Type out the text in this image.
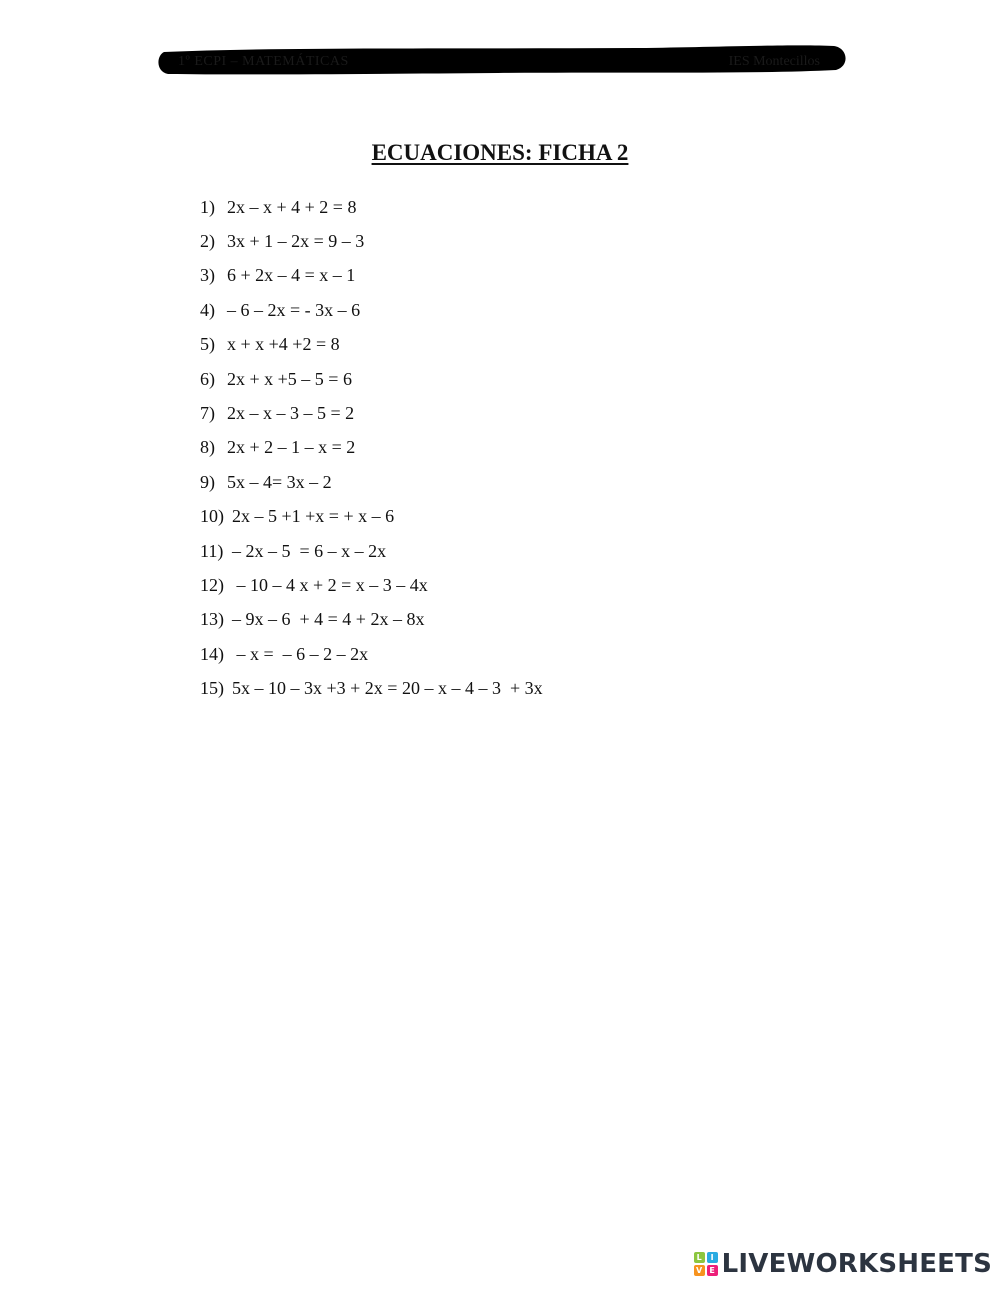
1º ECPI – MATEMÁTICAS	IES Montecillos
ECUACIONES: FICHA 2
1) 2x – x + 4 + 2 = 8
2) 3x + 1 – 2x = 9 – 3
3) 6 + 2x – 4 = x – 1
4) – 6 – 2x = - 3x – 6
5) x + x +4 +2 = 8
6) 2x + x +5 – 5 = 6
7) 2x – x – 3 – 5 = 2
8) 2x + 2 – 1 – x = 2
9) 5x – 4= 3x – 2
10) 2x – 5 +1 +x = + x – 6
11) – 2x – 5  = 6 – x – 2x
12) – 10 – 4 x + 2 = x – 3 – 4x
13) – 9x – 6  + 4 = 4 + 2x – 8x
14) – x =  – 6 – 2 – 2x
15) 5x – 10 – 3x +3 + 2x = 20 – x – 4 – 3  + 3x
L	I
V E LIVEWORKSHEETS
